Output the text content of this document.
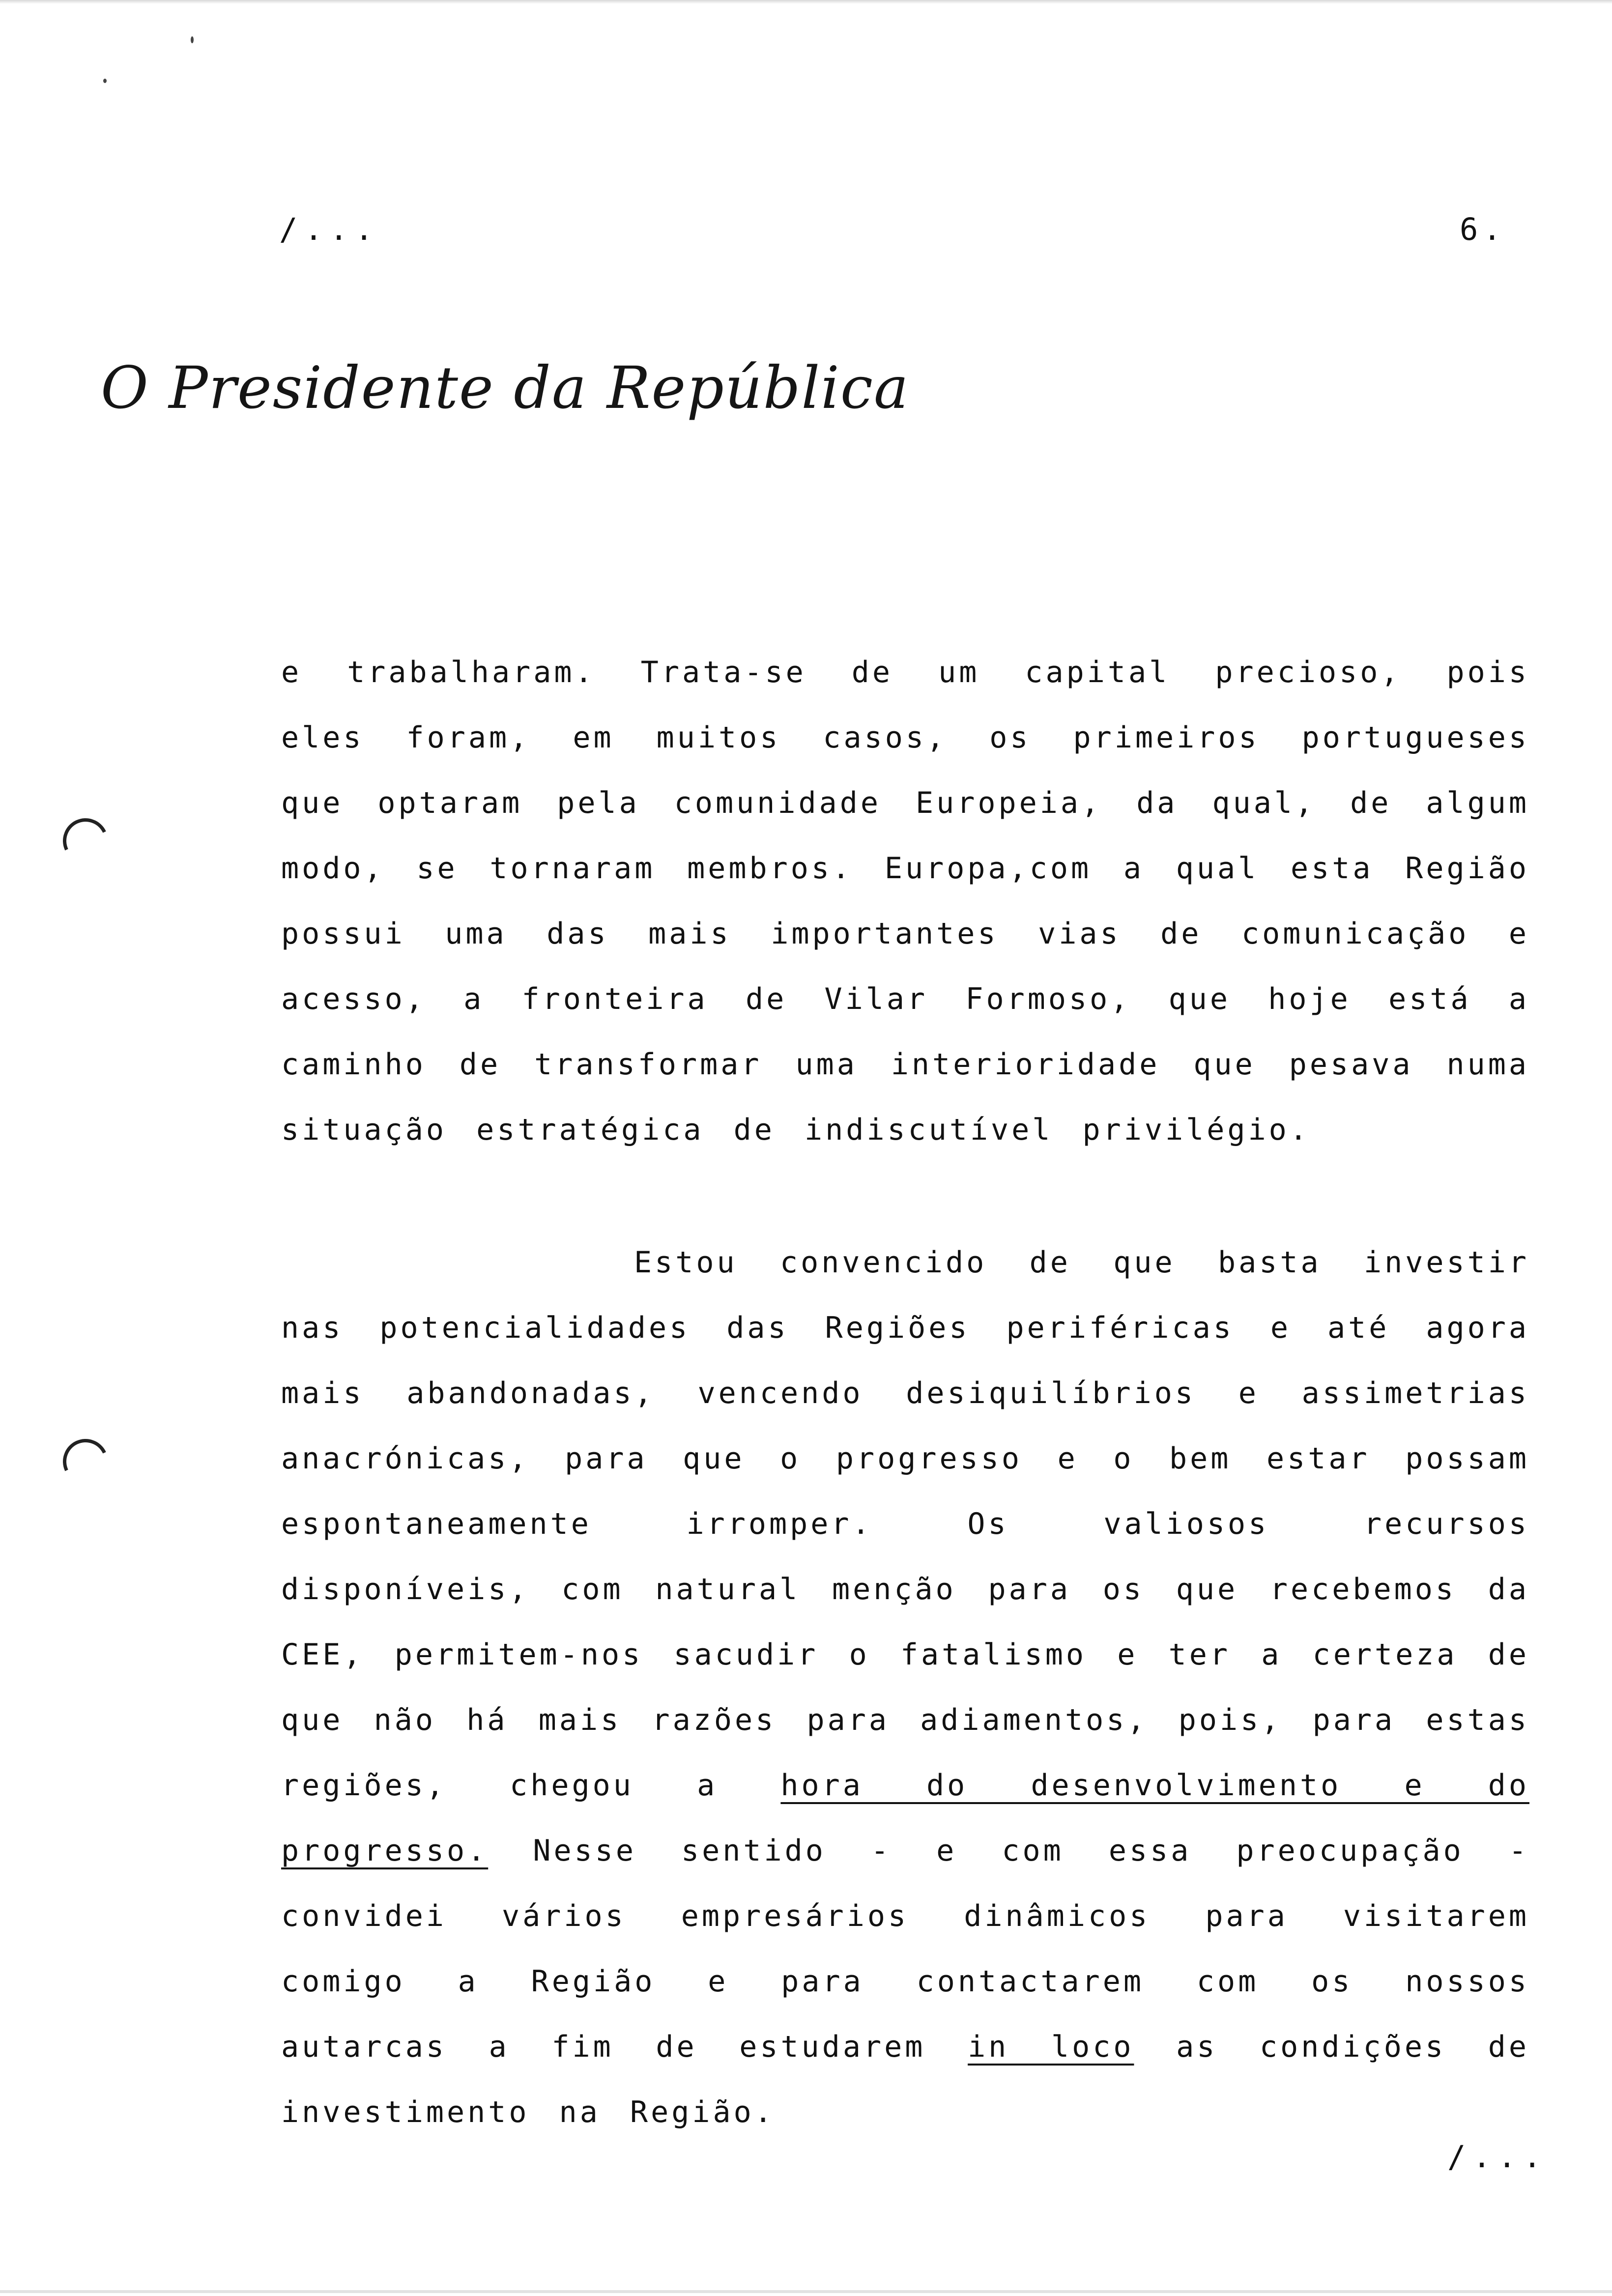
/...	6.
O Presidente da República
e trabalharam. Trata-se de um capital precioso, pois eles foram, em muitos casos, os primeiros portugueses que optaram pela comunidade Europeia, da qual, de algum modo, se tornaram membros. Europa,com a qual esta Região possui uma das mais importantes vias de comunicação e acesso, a fronteira de Vilar Formoso, que hoje está a caminho de transformar uma interioridade que pesava numa situação estratégica de indiscutível privilégio.
Estou convencido de que basta investir nas potencialidades das Regiões periféricas e até agora mais abandonadas, vencendo desiquilíbrios e assimetrias anacrónicas, para que o progresso e o bem estar possam espontaneamente irromper. Os valiosos recursos disponíveis, com natural menção para os que recebemos da CEE, permitem-nos sacudir o fatalismo e ter a certeza de que não há mais razões para adiamentos, pois, para estas regiões, chegou a hora do desenvolvimento e do progresso. Nesse sentido - e com essa preocupação - convidei vários empresários dinâmicos para visitarem comigo a Região e para contactarem com os nossos autarcas a fim de estudarem in loco as condições de investimento na Região.
/...
